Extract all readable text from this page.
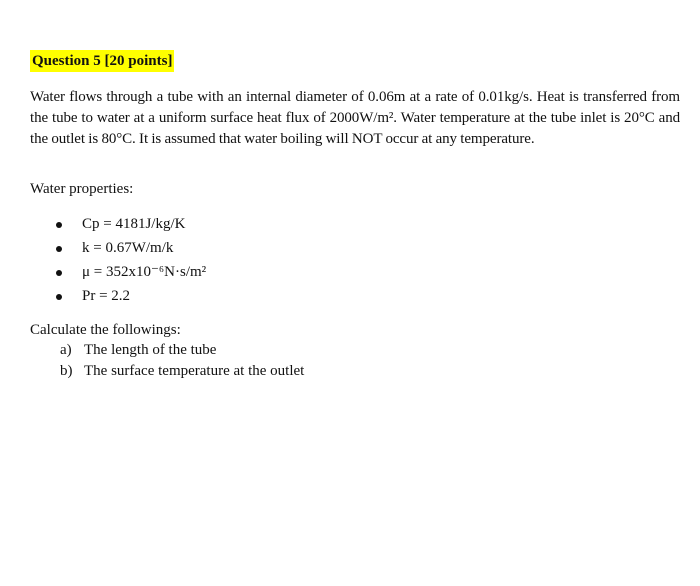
Question 5 [20 points]
Water flows through a tube with an internal diameter of 0.06m at a rate of 0.01kg/s. Heat is transferred from the tube to water at a uniform surface heat flux of 2000W/m². Water temperature at the tube inlet is 20°C and the outlet is 80°C. It is assumed that water boiling will NOT occur at any temperature.
Water properties:
Cp = 4181J/kg/K
k = 0.67W/m/k
μ = 352x10⁻⁶N·s/m²
Pr = 2.2
Calculate the followings:
a) The length of the tube
b) The surface temperature at the outlet
